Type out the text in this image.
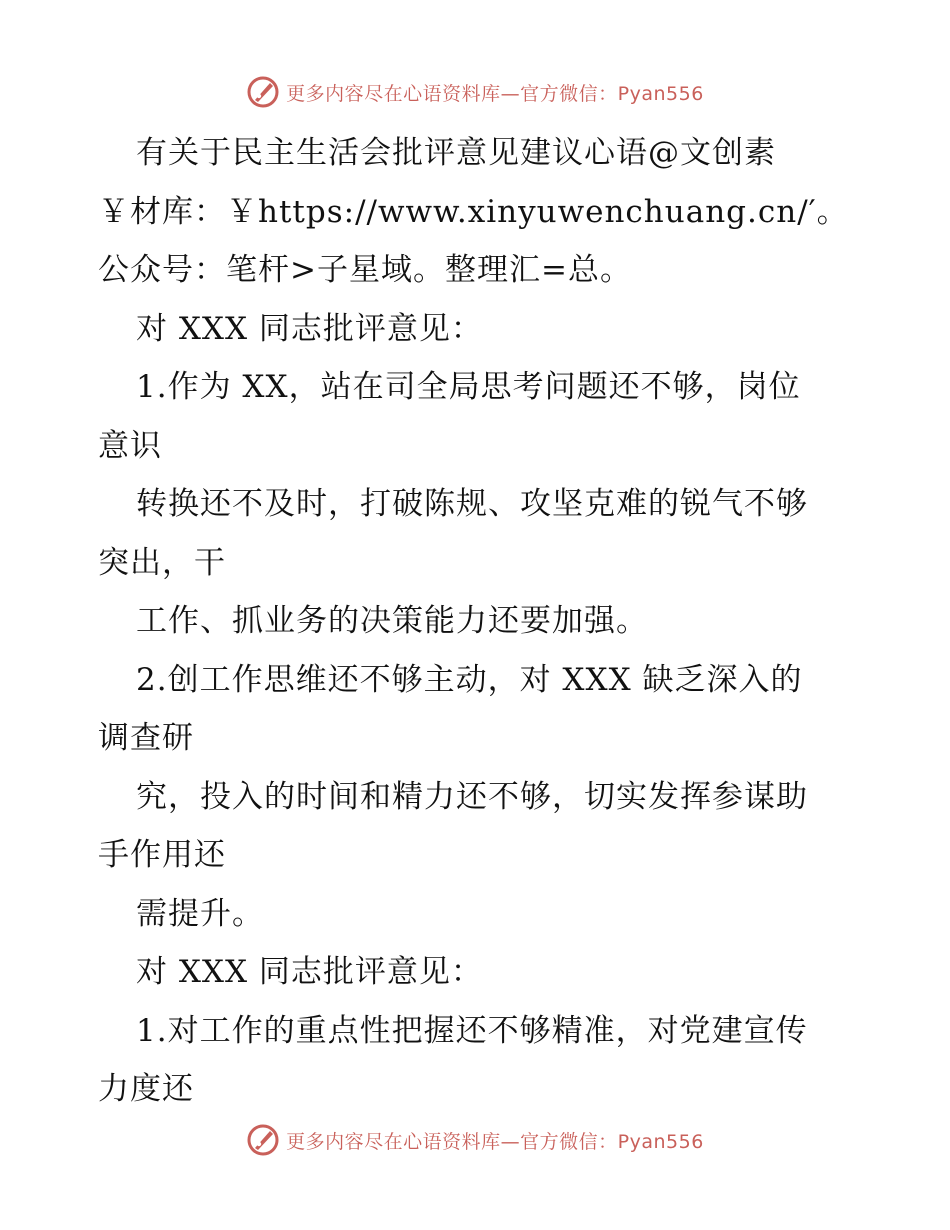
更多内容尽在心语资料库—官方微信：Pyan556
有关于民主生活会批评意见建议心语@文创素
￥材库：￥https://www.xinyuwenchuang.cn/′。
公众号：笔杆>子星域。整理汇=总。
对 XXX 同志批评意见：
1.作为 XX，站在司全局思考问题还不够，岗位
意识
转换还不及时，打破陈规、攻坚克难的锐气不够
突出，干
工作、抓业务的决策能力还要加强。
2.创工作思维还不够主动，对 XXX 缺乏深入的
调查研
究，投入的时间和精力还不够，切实发挥参谋助
手作用还
需提升。
对 XXX 同志批评意见：
1.对工作的重点性把握还不够精准，对党建宣传
力度还
更多内容尽在心语资料库—官方微信：Pyan556
